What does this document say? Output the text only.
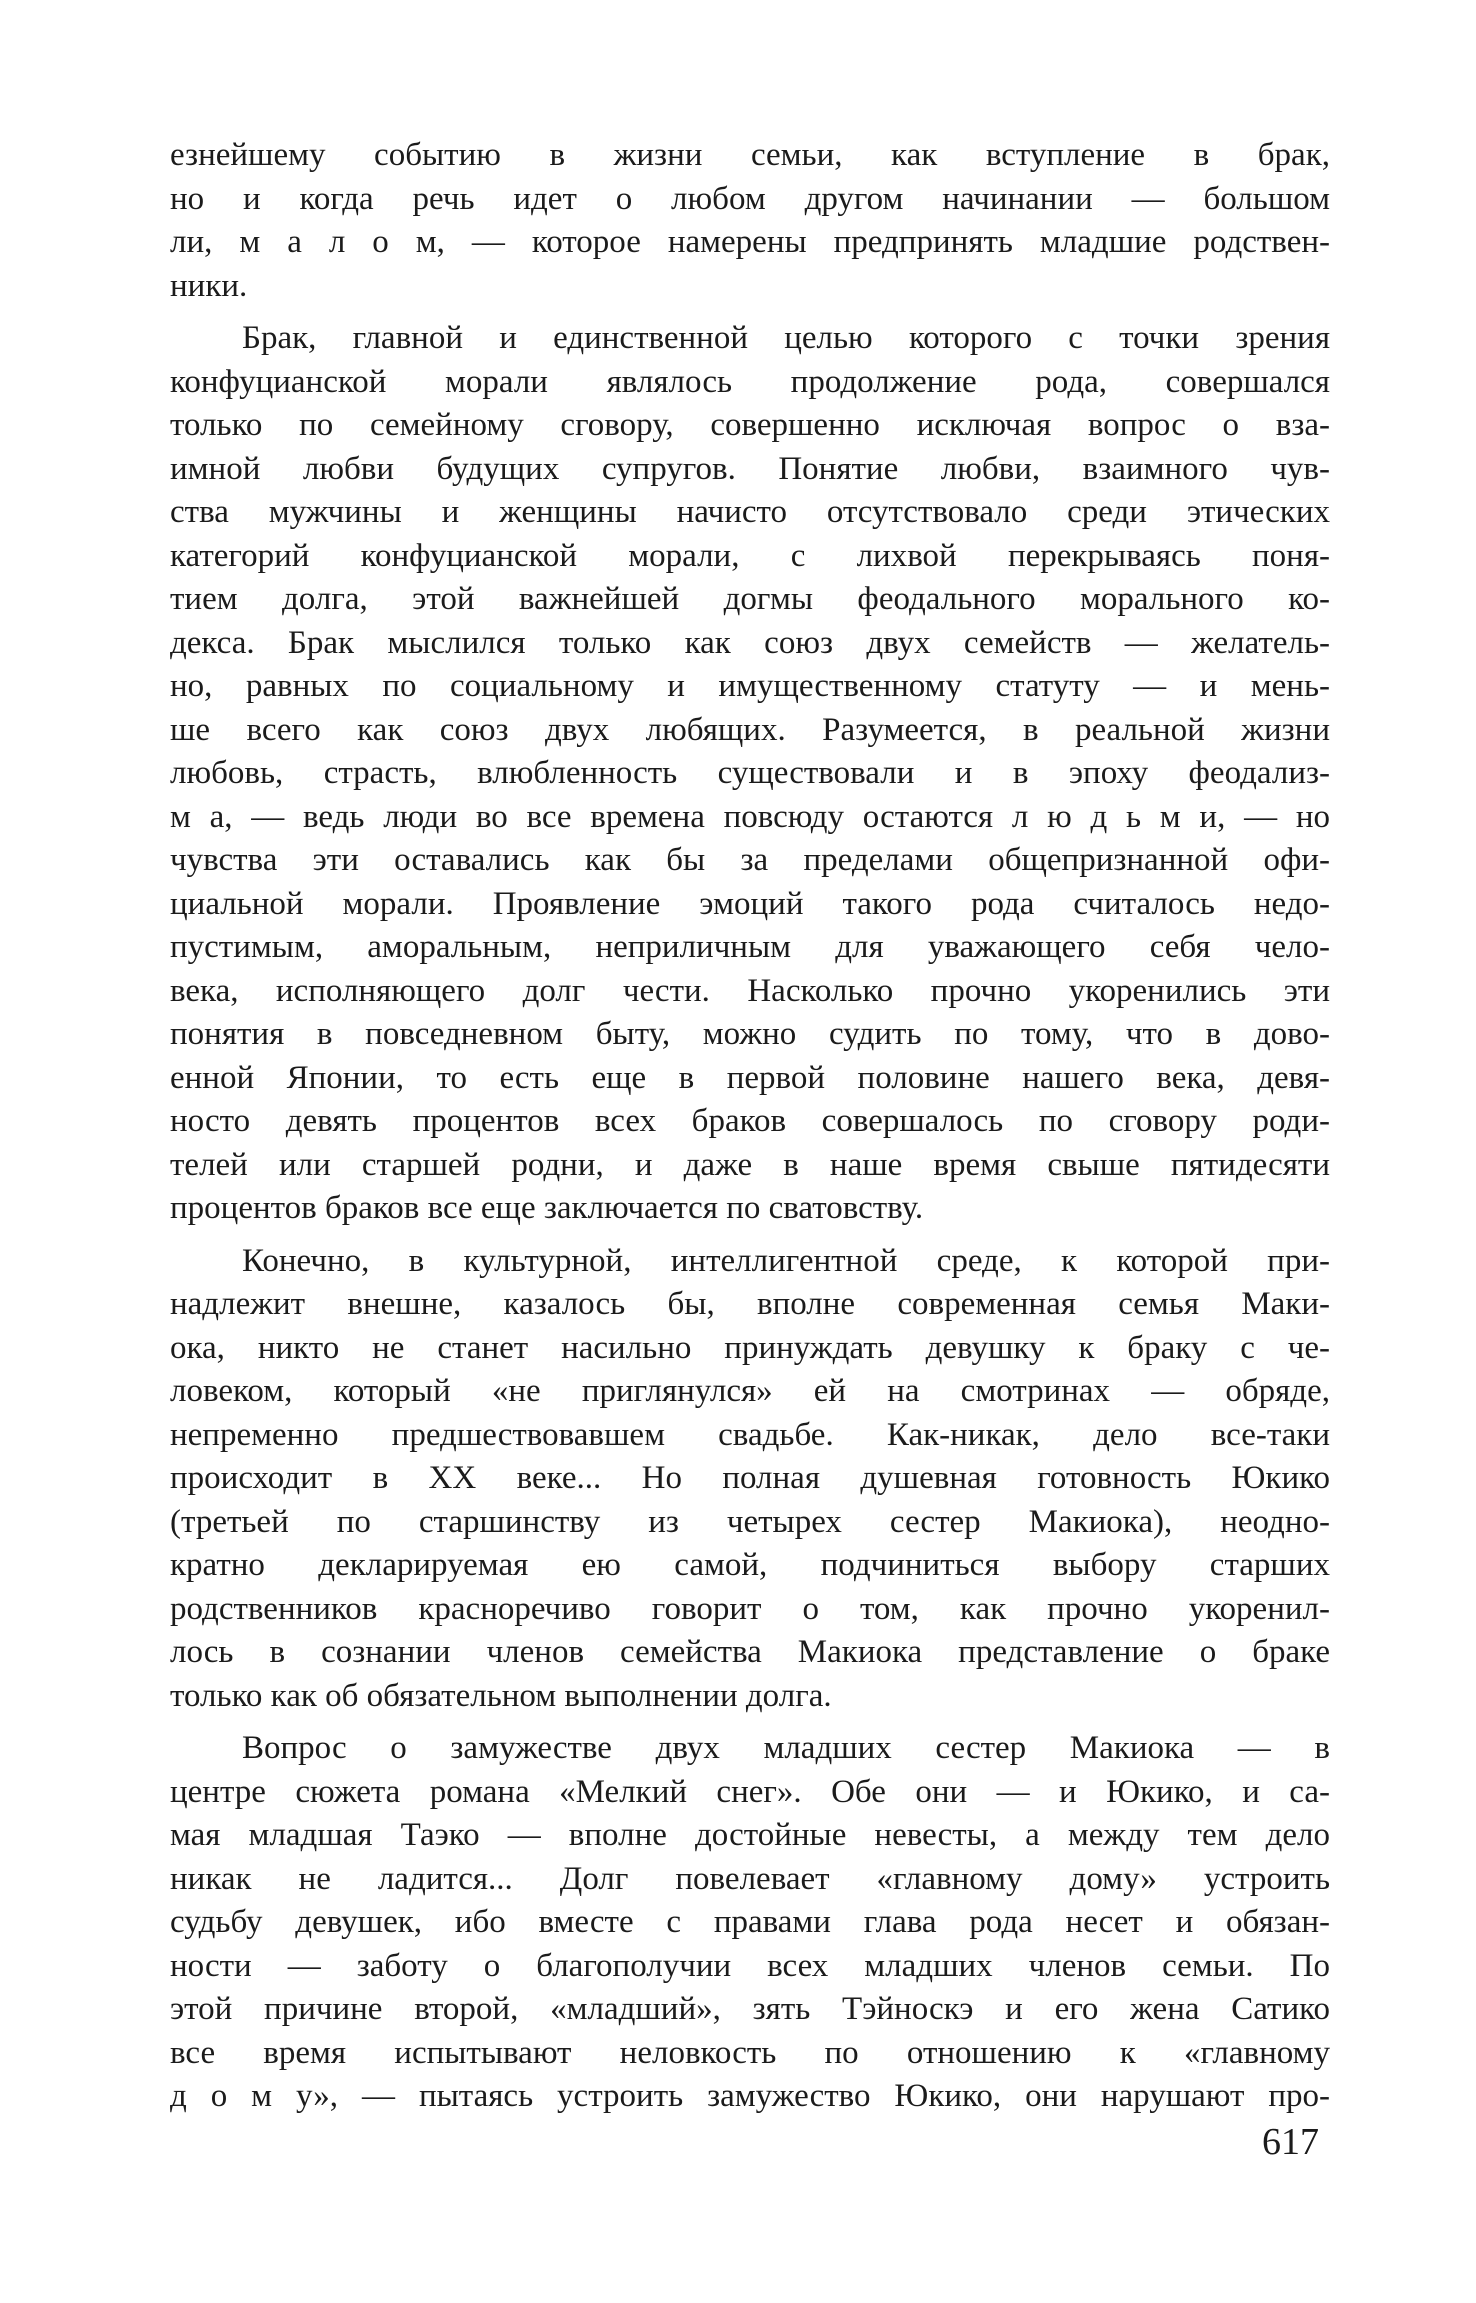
езнейшему событию в жизни семьи, как вступление в брак,
но и когда речь идет о любом другом начинании — большом
ли, м а л о м, — которое намерены предпринять младшие родствен-
ники.
Брак, главной и единственной целью которого с точки зрения
конфуцианской морали являлось продолжение рода, совершался
только по семейному сговору, совершенно исключая вопрос о вза-
имной любви будущих супругов. Понятие любви, взаимного чув-
ства мужчины и женщины начисто отсутствовало среди этических
категорий конфуцианской морали, с лихвой перекрываясь поня-
тием долга, этой важнейшей догмы феодального морального ко-
декса. Брак мыслился только как союз двух семейств — желатель-
но, равных по социальному и имущественному статуту — и мень-
ше всего как союз двух любящих. Разумеется, в реальной жизни
любовь, страсть, влюбленность существовали и в эпоху феодализ-
м а, — ведь люди во все времена повсюду остаются л ю д ь м и, — но
чувства эти оставались как бы за пределами общепризнанной офи-
циальной морали. Проявление эмоций такого рода считалось недо-
пустимым, аморальным, неприличным для уважающего себя чело-
века, исполняющего долг чести. Насколько прочно укоренились эти
понятия в повседневном быту, можно судить по тому, что в дово-
енной Японии, то есть еще в первой половине нашего века, девя-
носто девять процентов всех браков совершалось по сговору роди-
телей или старшей родни, и даже в наше время свыше пятидесяти
процентов браков все еще заключается по сватовству.
Конечно, в культурной, интеллигентной среде, к которой при-
надлежит внешне, казалось бы, вполне современная семья Маки-
ока, никто не станет насильно принуждать девушку к браку с че-
ловеком, который «не приглянулся» ей на смотринах — обряде,
непременно предшествовавшем свадьбе. Как-никак, дело все-таки
происходит в XX веке... Но полная душевная готовность Юкико
(третьей по старшинству из четырех сестер Макиока), неодно-
кратно декларируемая ею самой, подчиниться выбору старших
родственников красноречиво говорит о том, как прочно укоренил-
лось в сознании членов семейства Макиока представление о браке
только как об обязательном выполнении долга.
Вопрос о замужестве двух младших сестер Макиока — в
центре сюжета романа «Мелкий снег». Обе они — и Юкико, и са-
мая младшая Таэко — вполне достойные невесты, а между тем дело
никак не ладится... Долг повелевает «главному дому» устроить
судьбу девушек, ибо вместе с правами глава рода несет и обязан-
ности — заботу о благополучии всех младших членов семьи. По
этой причине второй, «младший», зять Тэйноскэ и его жена Сатико
все время испытывают неловкость по отношению к «главному
д о м у», — пытаясь устроить замужество Юкико, они нарушают про-
617
